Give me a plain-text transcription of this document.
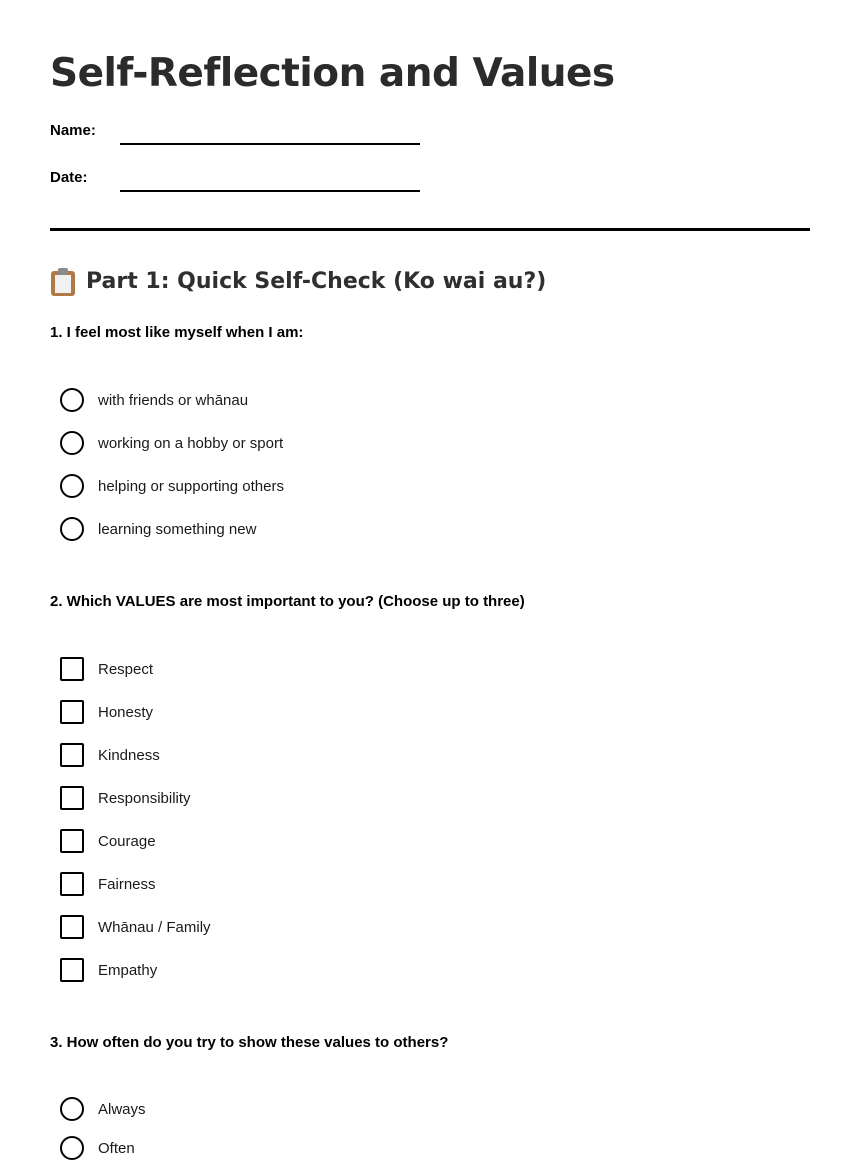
Self-Reflection and Values
Name:
Date:
Part 1: Quick Self-Check (Ko wai au?)
1. I feel most like myself when I am:
with friends or whānau
working on a hobby or sport
helping or supporting others
learning something new
2. Which VALUES are most important to you? (Choose up to three)
Respect
Honesty
Kindness
Responsibility
Courage
Fairness
Whānau / Family
Empathy
3. How often do you try to show these values to others?
Always
Often
